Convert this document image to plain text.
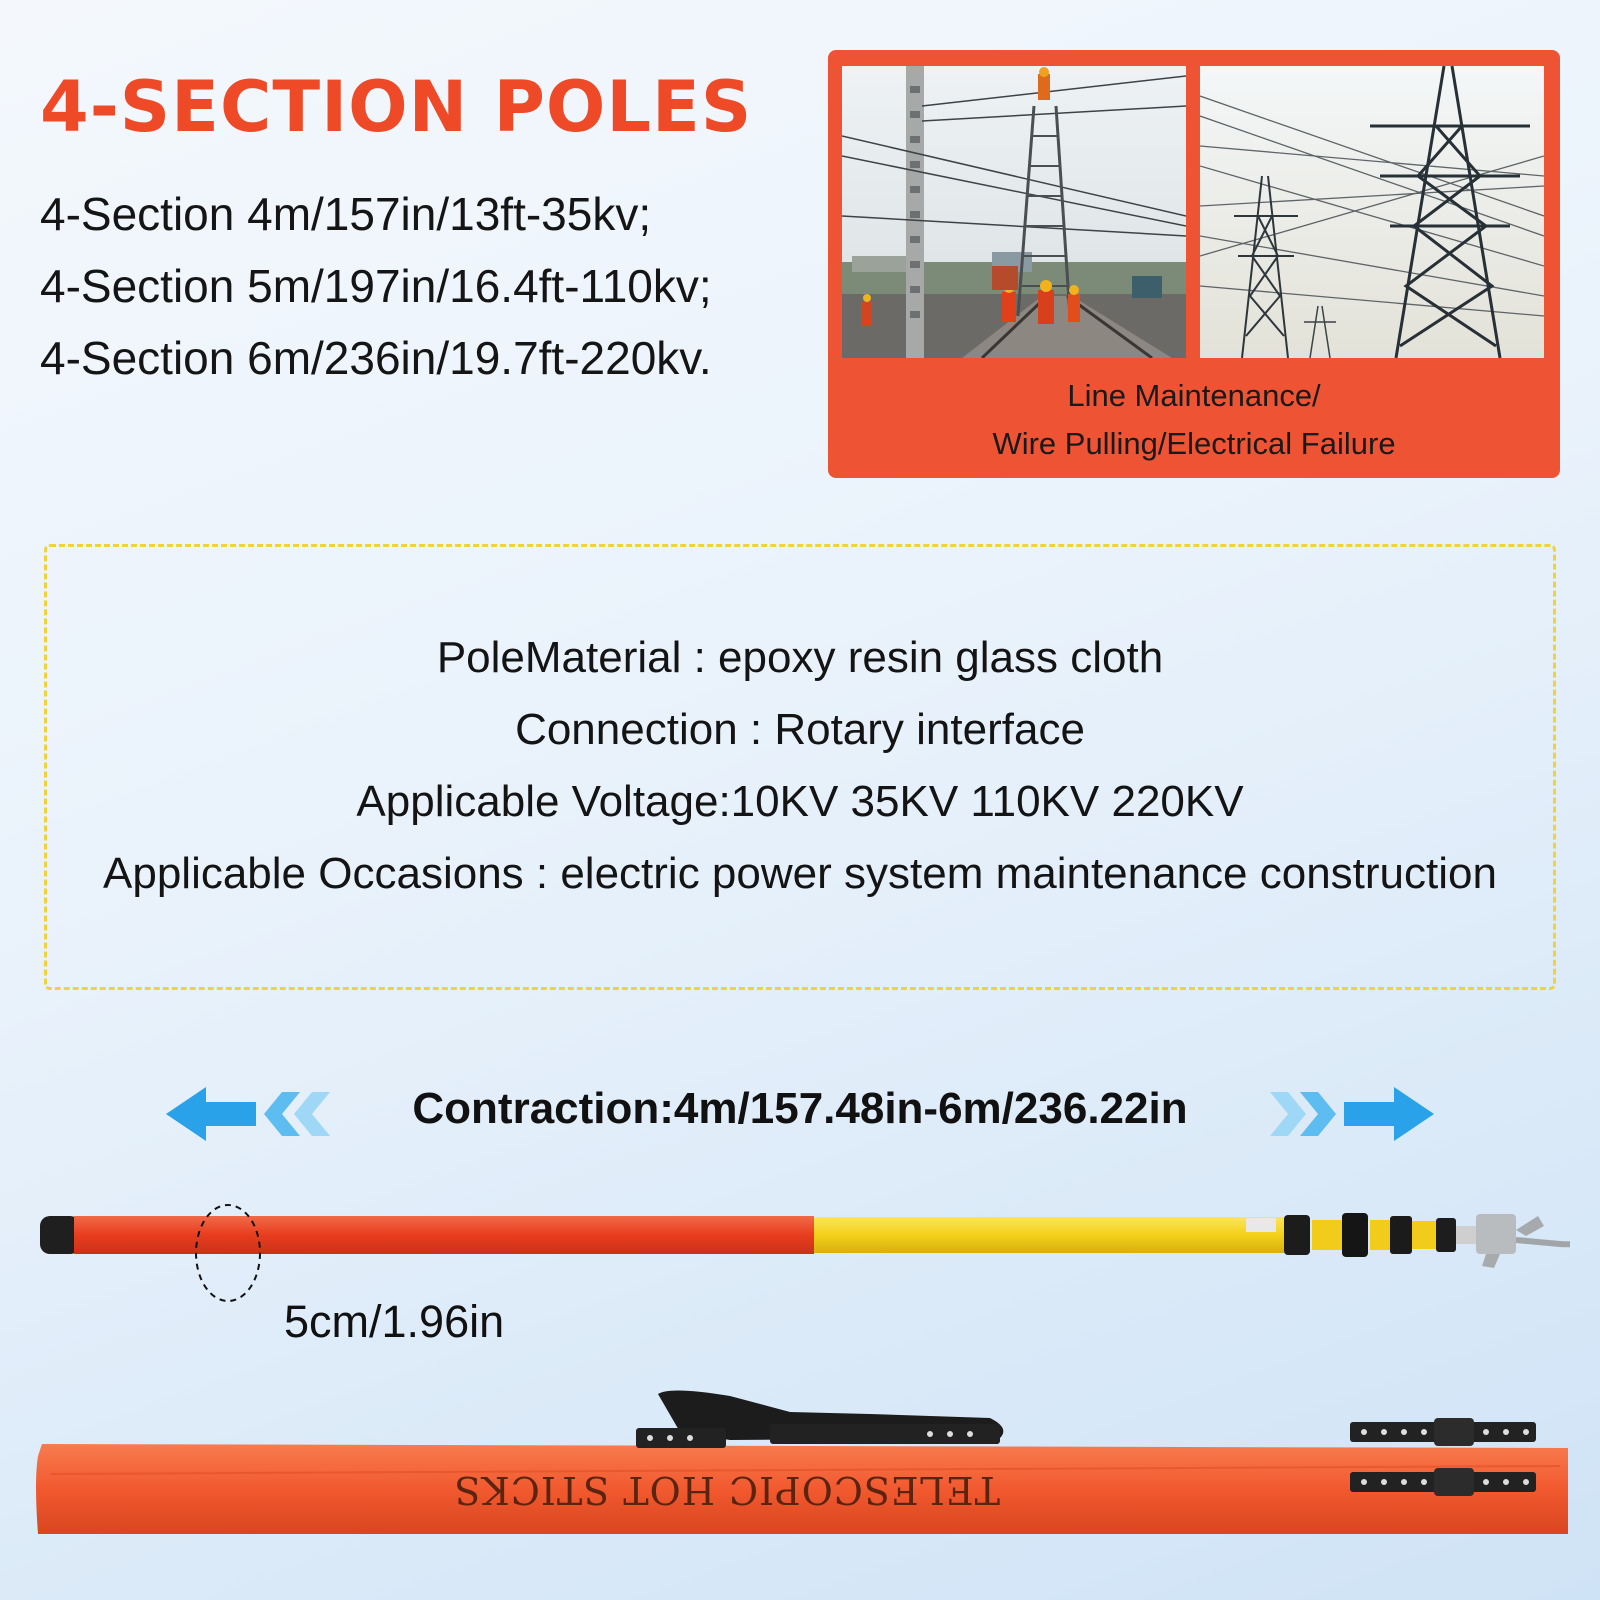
4-SECTION POLES
4-Section 4m/157in/13ft-35kv;
4-Section 5m/197in/16.4ft-110kv;
4-Section 6m/236in/19.7ft-220kv.
Line Maintenance/
Wire Pulling/Electrical Failure
PoleMaterial : epoxy resin glass cloth
Connection : Rotary interface
Applicable Voltage:10KV 35KV 110KV 220KV
Applicable Occasions : electric power system maintenance construction
Contraction:4m/157.48in-6m/236.22in
5cm/1.96in
TELESCOPIC HOT STICKS
